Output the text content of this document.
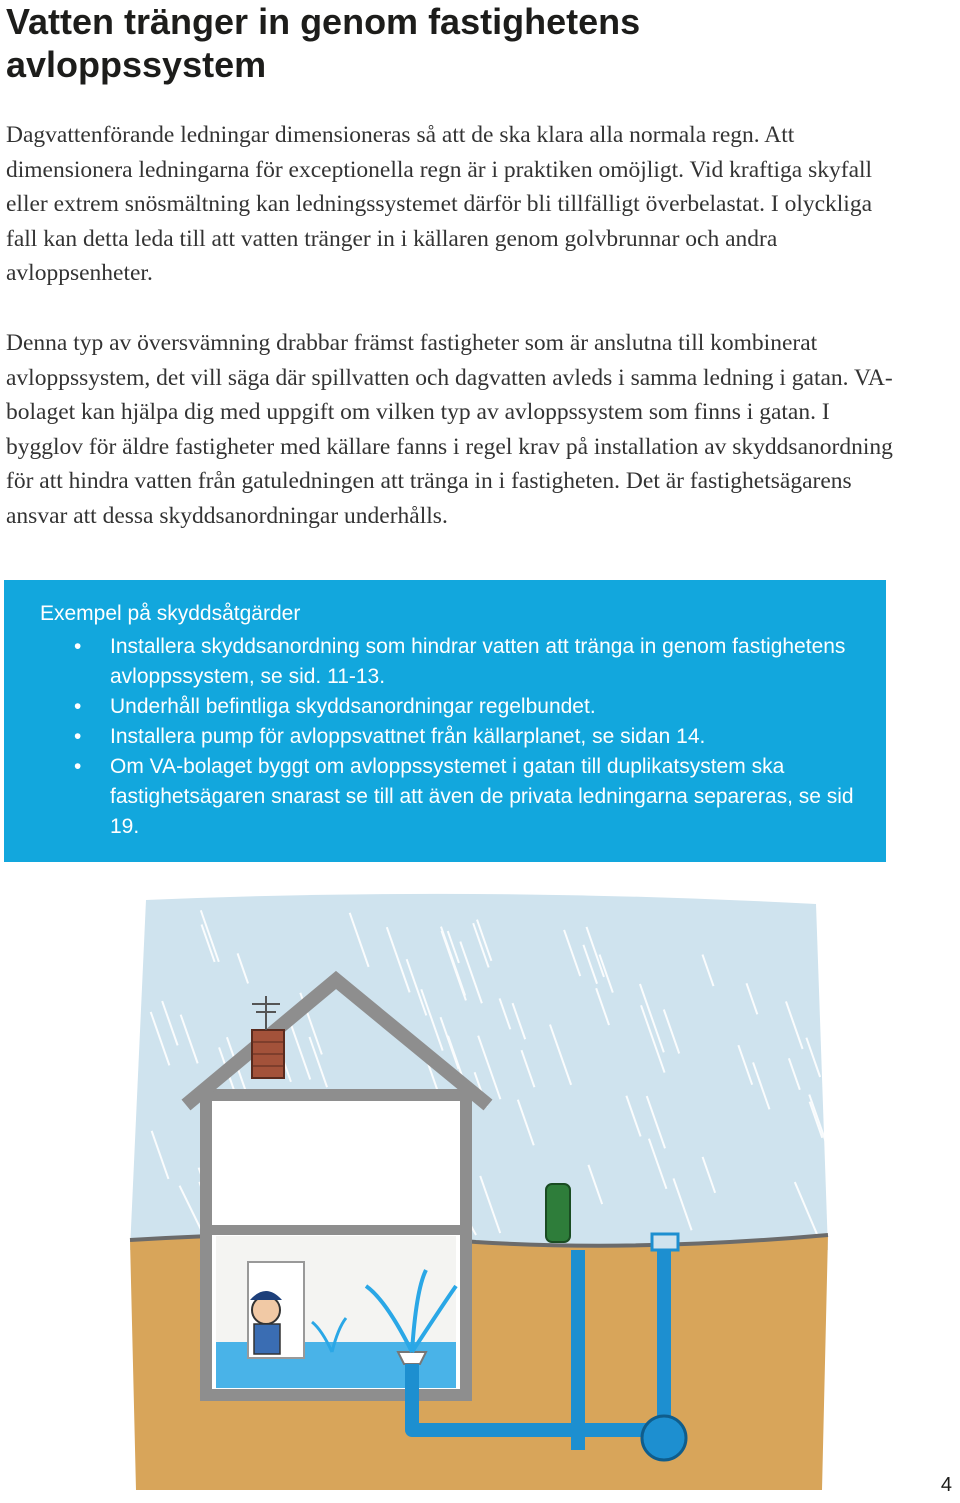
Vatten tränger in genom fastighetens avloppssystem

Dagvattenförande ledningar dimensioneras så att de ska klara alla normala regn. Att dimensionera ledningarna för exceptionella regn är i praktiken omöjligt. Vid kraftiga skyfall eller extrem snösmältning kan ledningssystemet därför bli tillfälligt överbelastat. I olyckliga fall kan detta leda till att vatten tränger in i källaren genom golvbrunnar och andra avloppsenheter.

Denna typ av översvämning drabbar främst fastigheter som är anslutna till kombinerat avloppssystem, det vill säga där spillvatten och dagvatten avleds i samma ledning i gatan. VA-bolaget kan hjälpa dig med uppgift om vilken typ av avloppssystem som finns i gatan. I bygglov för äldre fastigheter med källare fanns i regel krav på installation av skyddsanordning för att hindra vatten från gatuledningen att tränga in i fastigheten. Det är fastighetsägarens ansvar att dessa skyddsanordningar underhålls.

Exempel på skyddsåtgärder

• Installera skyddsanordning som hindrar vatten att tränga in genom fastighetens avloppssystem, se sid. 11-13.
• Underhåll befintliga skyddsanordningar regelbundet.
• Installera pump för avloppsvattnet från källarplanet, se sidan 14.
• Om VA-bolaget byggt om avloppssystemet i gatan till duplikatsystem ska fastighetsägaren snarast se till att även de privata ledningarna separeras, se sid 19.
4
